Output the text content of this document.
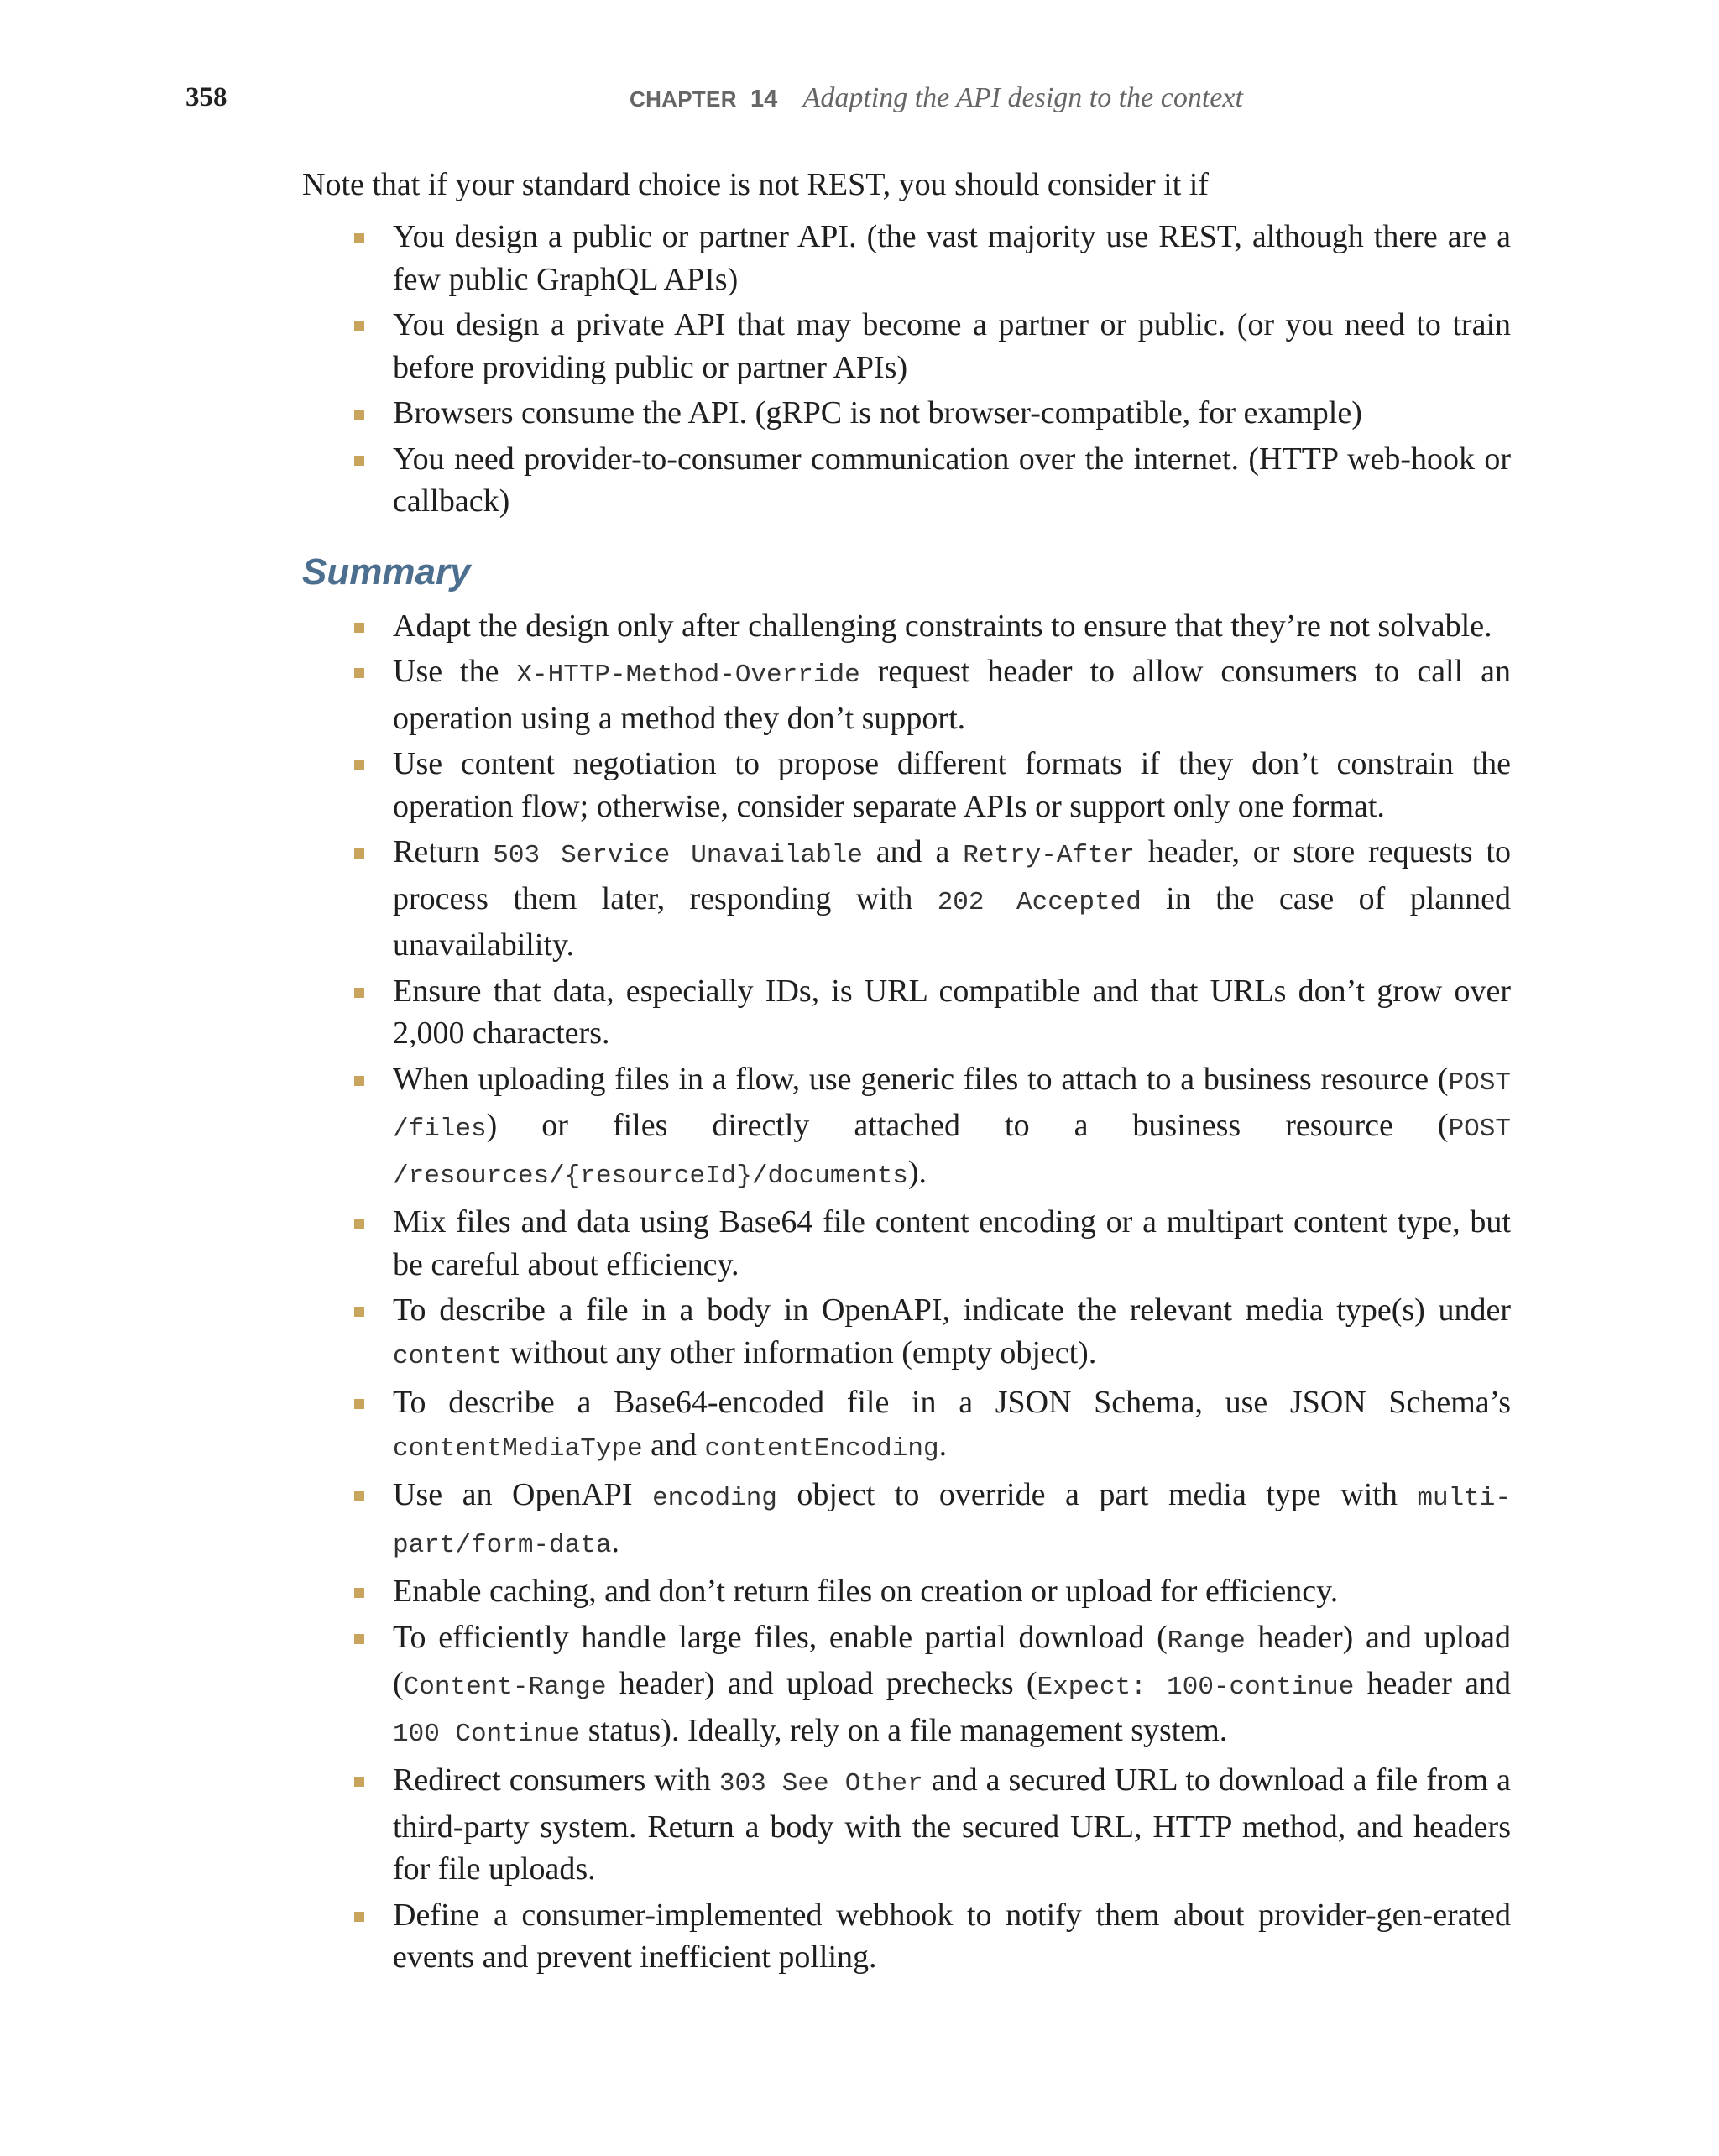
358	CHAPTER 14 Adapting the API design to the context

Note that if your standard choice is not REST, you should consider it if

You design a public or partner API. (the vast majority use REST, although there are a few public GraphQL APIs)
You design a private API that may become a partner or public. (or you need to train before providing public or partner APIs)
Browsers consume the API. (gRPC is not browser-compatible, for example)
You need provider-to-consumer communication over the internet. (HTTP web-hook or callback)
Summary
Adapt the design only after challenging constraints to ensure that they’re not solvable.
Use the X-HTTP-Method-Override request header to allow consumers to call an operation using a method they don’t support.
Use content negotiation to propose different formats if they don’t constrain the operation flow; otherwise, consider separate APIs or support only one format.
Return 503 Service Unavailable and a Retry-After header, or store requests to process them later, responding with 202 Accepted in the case of planned unavailability.
Ensure that data, especially IDs, is URL compatible and that URLs don’t grow over 2,000 characters.
When uploading files in a flow, use generic files to attach to a business resource (POST /files) or files directly attached to a business resource (POST /resources/{resourceId}/documents).
Mix files and data using Base64 file content encoding or a multipart content type, but be careful about efficiency.
To describe a file in a body in OpenAPI, indicate the relevant media type(s) under content without any other information (empty object).
To describe a Base64-encoded file in a JSON Schema, use JSON Schema’s contentMediaType and contentEncoding.
Use an OpenAPI encoding object to override a part media type with multi-part/form-data.
Enable caching, and don’t return files on creation or upload for efficiency.
To efficiently handle large files, enable partial download (Range header) and upload (Content-Range header) and upload prechecks (Expect: 100-continue header and 100 Continue status). Ideally, rely on a file management system.
Redirect consumers with 303 See Other and a secured URL to download a file from a third-party system. Return a body with the secured URL, HTTP method, and headers for file uploads.
Define a consumer-implemented webhook to notify them about provider-gen-erated events and prevent inefficient polling.
